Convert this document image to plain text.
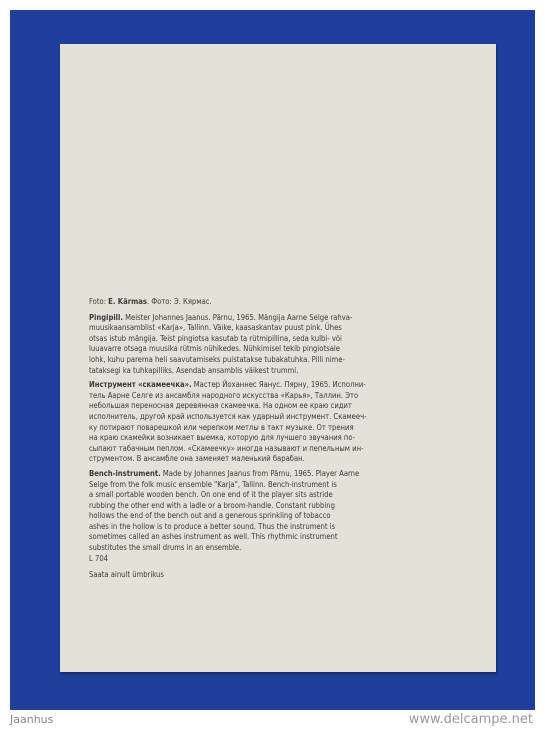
Foto: E. Kärmas. Фото: Э. Кярмас.
Pingipill. Meister Johannes Jaanus. Pärnu, 1965. Mängija Aarne Selge rahva-
muusikaansamblist «Karja», Tallinn. Väike, kaasaskantav puust pink. Ühes
otsas istub mängija. Teist pingiotsa kasutab ta rütmipillina, seda kulbi- või
luuavarre otsaga muusika rütmis nühikedes. Nühkimisel tekib pingiotsale
lohk, kuhu parema heli saavutamiseks puistatakse tubakatuhka. Pilli nime-
tataksegi ka tuhkapilliks. Asendab ansamblis väikest trummi.
Инструмент «скамеечка». Мастер Йоханнес Яанус. Пярну, 1965. Исполни-
тель Аарне Селге из ансамбля народного искусства «Карья», Таллин. Это
небольшая переносная деревянная скамеечка. На одном ее краю сидит
исполнитель, другой край используется как ударный инструмент. Скамееч-
ку потирают поварешкой или черепком метлы в такт музыке. От трения
на краю скамейки возникает выемка, которую для лучшего звучания по-
сыпают табачным пеплом. «Скамеечку» иногда называют и пепельным ин-
струментом. В ансамбле она заменяет маленький барабан.
Bench-instrument. Made by Johannes Jaanus from Pärnu, 1965. Player Aarne
Selge from the folk music ensemble "Karja", Tallinn. Bench-instrument is
a small portable wooden bench. On one end of it the player sits astride
rubbing the other end with a ladle or a broom-handle. Constant rubbing
hollows the end of the bench out and a generous sprinkling of tobacco
ashes in the hollow is to produce a better sound. Thus the instrument is
sometimes called an ashes instrument as well. This rhythmic instrument
substitutes the small drums in an ensemble.
L 704
Saata ainult ümbrikus
Jaanhus	www.delcampe.net
